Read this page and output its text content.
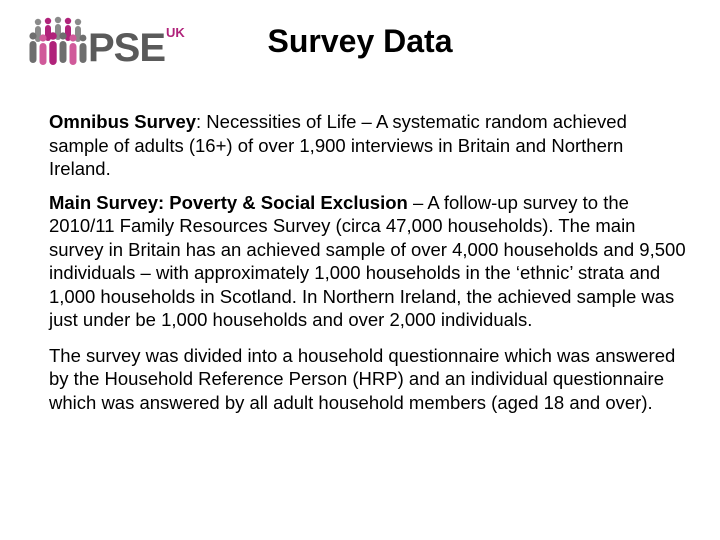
PSE UK	Survey Data

Omnibus Survey: Necessities of Life – A systematic random achieved sample of adults (16+) of over 1,900 interviews in Britain and Northern Ireland.

Main Survey: Poverty & Social Exclusion – A follow-up survey to the 2010/11 Family Resources Survey (circa 47,000 households). The main survey in Britain has an achieved sample of over 4,000 households and 9,500 individuals – with approximately 1,000 households in the ‘ethnic’ strata and 1,000 households in Scotland. In Northern Ireland, the achieved sample was just under be 1,000 households and over 2,000 individuals.

The survey was divided into a household questionnaire which was answered by the Household Reference Person (HRP) and an individual questionnaire which was answered by all adult household members (aged 18 and over).
